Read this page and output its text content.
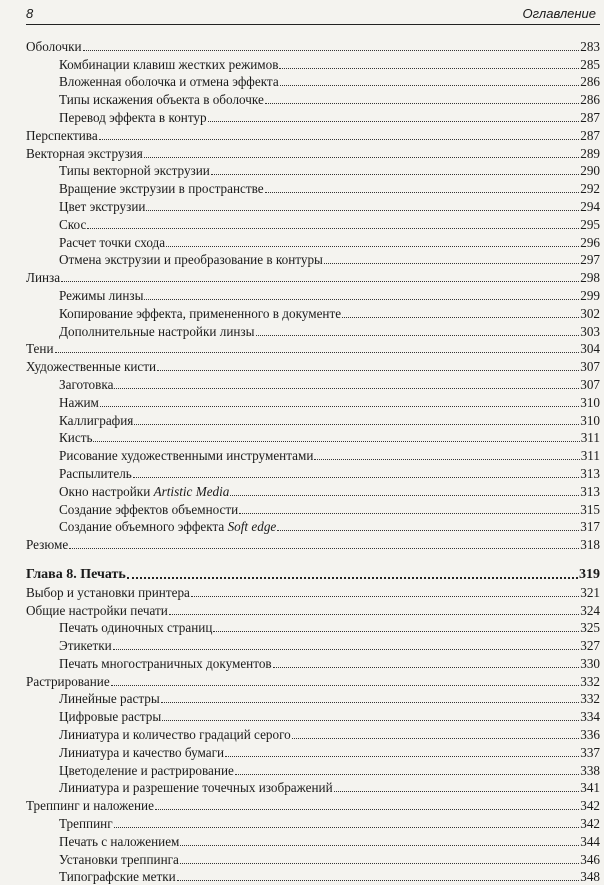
8	Оглавление
Оболочки	283
Комбинации клавиш жестких режимов	285
Вложенная оболочка и отмена эффекта	286
Типы искажения объекта в оболочке	286
Перевод эффекта в контур	287
Перспектива	287
Векторная экструзия	289
Типы векторной экструзии	290
Вращение экструзии в пространстве	292
Цвет экструзии	294
Скос	295
Расчет точки схода	296
Отмена экструзии и преобразование в контуры	297
Линза	298
Режимы линзы	299
Копирование эффекта, примененного в документе	302
Дополнительные настройки линзы	303
Тени	304
Художественные кисти	307
Заготовка	307
Нажим	310
Каллиграфия	310
Кисть	311
Рисование художественными инструментами	311
Распылитель	313
Окно настройки Artistic Media	313
Создание эффектов объемности	315
Создание объемного эффекта Soft edge	317
Резюме	318
Глава 8. Печать	319
Выбор и установки принтера	321
Общие настройки печати	324
Печать одиночных страниц	325
Этикетки	327
Печать многостраничных документов	330
Растрирование	332
Линейные растры	332
Цифровые растры	334
Линиатура и количество градаций серого	336
Линиатура и качество бумаги	337
Цветоделение и растрирование	338
Линиатура и разрешение точечных изображений	341
Треппинг и наложение	342
Треппинг	342
Печать с наложением	344
Установки треппинга	346
Типографские метки	348
